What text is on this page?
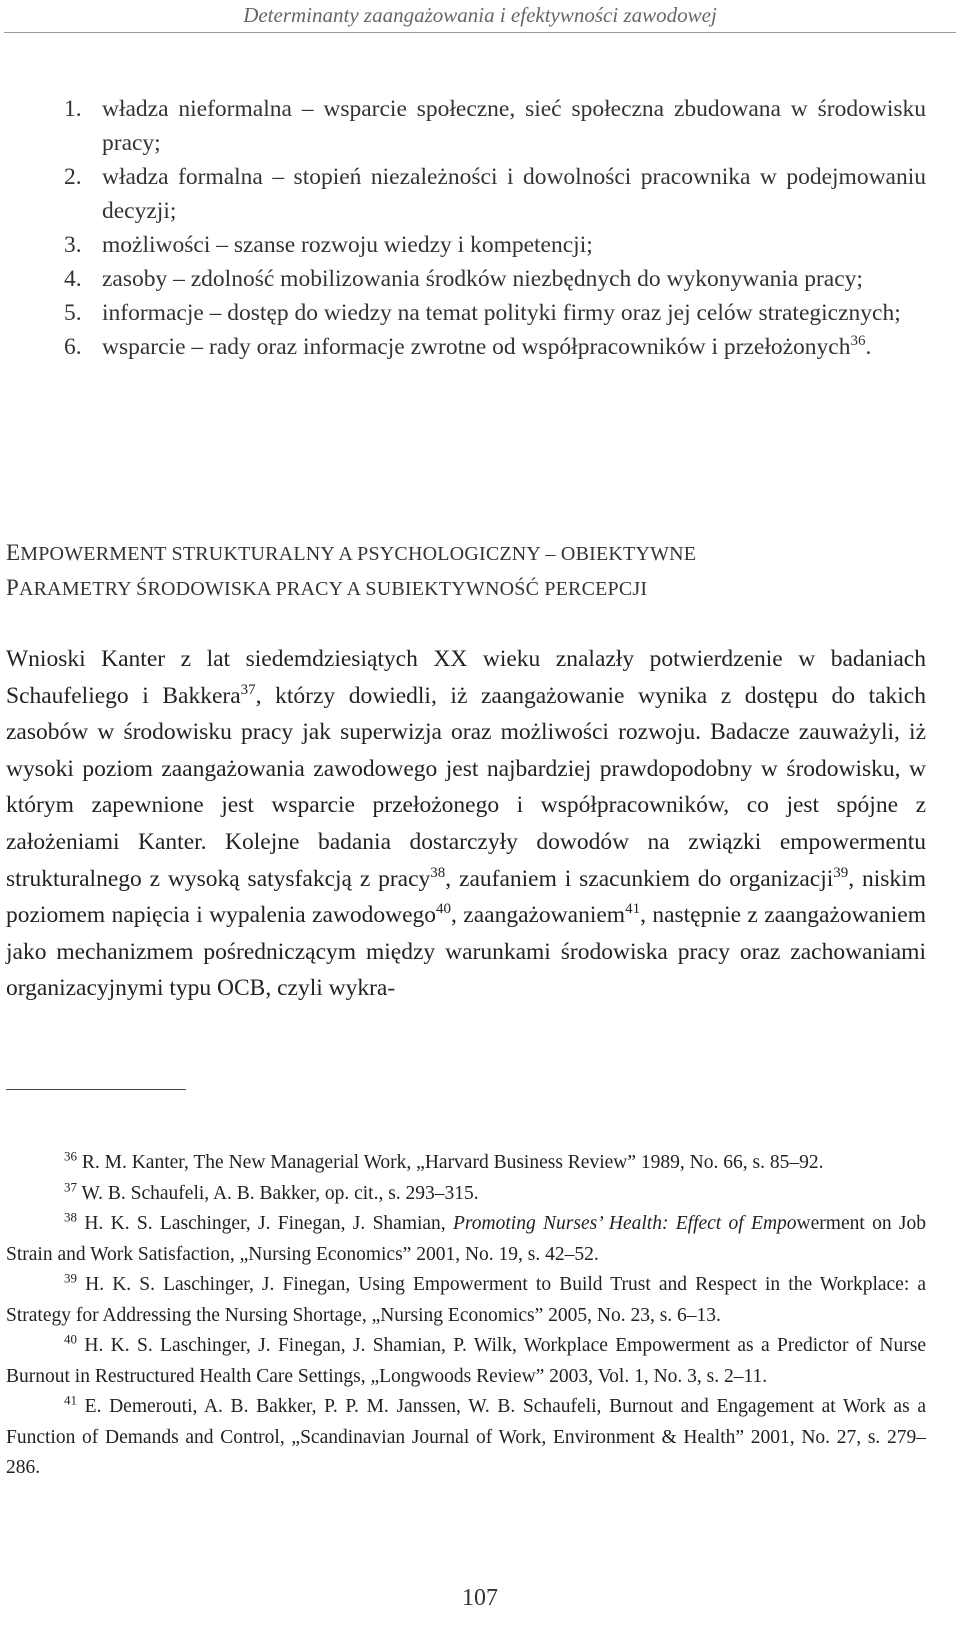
Determinanty zaangażowania i efektywności zawodowej
1. władza nieformalna – wsparcie społeczne, sieć społeczna zbudowana w środowisku pracy;
2. władza formalna – stopień niezależności i dowolności pracownika w podejmowaniu decyzji;
3. możliwości – szanse rozwoju wiedzy i kompetencji;
4. zasoby – zdolność mobilizowania środków niezbędnych do wykonywania pracy;
5. informacje – dostęp do wiedzy na temat polityki firmy oraz jej celów strategicznych;
6. wsparcie – rady oraz informacje zwrotne od współpracowników i przełożonych$^{36}$.
EMPOWERMENT STRUKTURALNY A PSYCHOLOGICZNY – OBIEKTYWNE
PARAMETRY ŚRODOWISKA PRACY A SUBIEKTYWNOŚĆ PERCEPCJI

Wnioski Kanter z lat siedemdziesiątych XX wieku znalazły potwierdzenie w badaniach Schaufeliego i Bakkera$^{37}$, którzy dowiedli, iż zaangażowanie wynika z dostępu do takich zasobów w środowisku pracy jak superwizja oraz możliwości rozwoju. Badacze zauważyli, iż wysoki poziom zaangażowania zawodowego jest najbardziej prawdopodobny w środowisku, w którym zapewnione jest wsparcie przełożonego i współpracowników, co jest spójne z założeniami Kanter. Kolejne badania dostarczyły dowodów na związki empowermentu strukturalnego z wysoką satysfakcją z pracy$^{38}$, zaufaniem i szacunkiem do organizacji$^{39}$, niskim poziomem napięcia i wypalenia zawodowego$^{40}$, zaangażowaniem$^{41}$, następnie z zaangażowaniem jako mechanizmem pośredniczącym między warunkami środowiska pracy oraz zachowaniami organizacyjnymi typu OCB, czyli wykra-

$^{36}$ R. M. Kanter, The New Managerial Work, „Harvard Business Review” 1989, No. 66, s. 85–92.

$^{37}$ W. B. Schaufeli, A. B. Bakker, op. cit., s. 293–315.

$^{38}$ H. K. S. Laschinger, J. Finegan, J. Shamian, Promoting Nurses’ Health: Effect of Empowerment on Job Strain and Work Satisfaction, „Nursing Economics” 2001, No. 19, s. 42–52.

$^{39}$ H. K. S. Laschinger, J. Finegan, Using Empowerment to Build Trust and Respect in the Workplace: a Strategy for Addressing the Nursing Shortage, „Nursing Economics” 2005, No. 23, s. 6–13.

$^{40}$ H. K. S. Laschinger, J. Finegan, J. Shamian, P. Wilk, Workplace Empowerment as a Predictor of Nurse Burnout in Restructured Health Care Settings, „Longwoods Review” 2003, Vol. 1, No. 3, s. 2–11.

$^{41}$ E. Demerouti, A. B. Bakker, P. P. M. Janssen, W. B. Schaufeli, Burnout and Engagement at Work as a Function of Demands and Control, „Scandinavian Journal of Work, Environment & Health” 2001, No. 27, s. 279–286.

107
